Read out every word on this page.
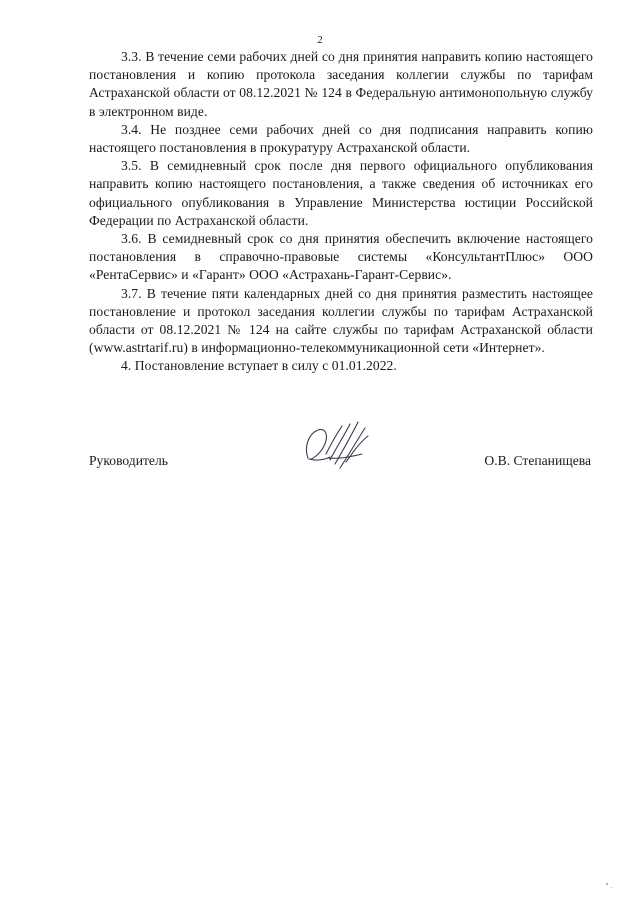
2

3.3. В течение семи рабочих дней со дня принятия направить копию настоящего постановления и копию протокола заседания коллегии службы по тарифам Астраханской области от 08.12.2021 № 124 в Федеральную антимонопольную службу в электронном виде.

3.4. Не позднее семи рабочих дней со дня подписания направить копию настоящего постановления в прокуратуру Астраханской области.

3.5. В семидневный срок после дня первого официального опубликования направить копию настоящего постановления, а также сведения об источниках его официального опубликования в Управление Министерства юстиции Российской Федерации по Астраханской области.

3.6. В семидневный срок со дня принятия обеспечить включение настоящего постановления в справочно-правовые системы «КонсультантПлюс» ООО «РентаСервис» и «Гарант» ООО «Астрахань-Гарант-Сервис».

3.7. В течение пяти календарных дней со дня принятия разместить настоящее постановление и протокол заседания коллегии службы по тарифам Астраханской области от 08.12.2021 № 124 на сайте службы по тарифам Астраханской области (www.astrtarif.ru) в информационно-телекоммуникационной сети «Интернет».

4. Постановление вступает в силу с 01.01.2022.

Руководитель	О.В. Степанищева
